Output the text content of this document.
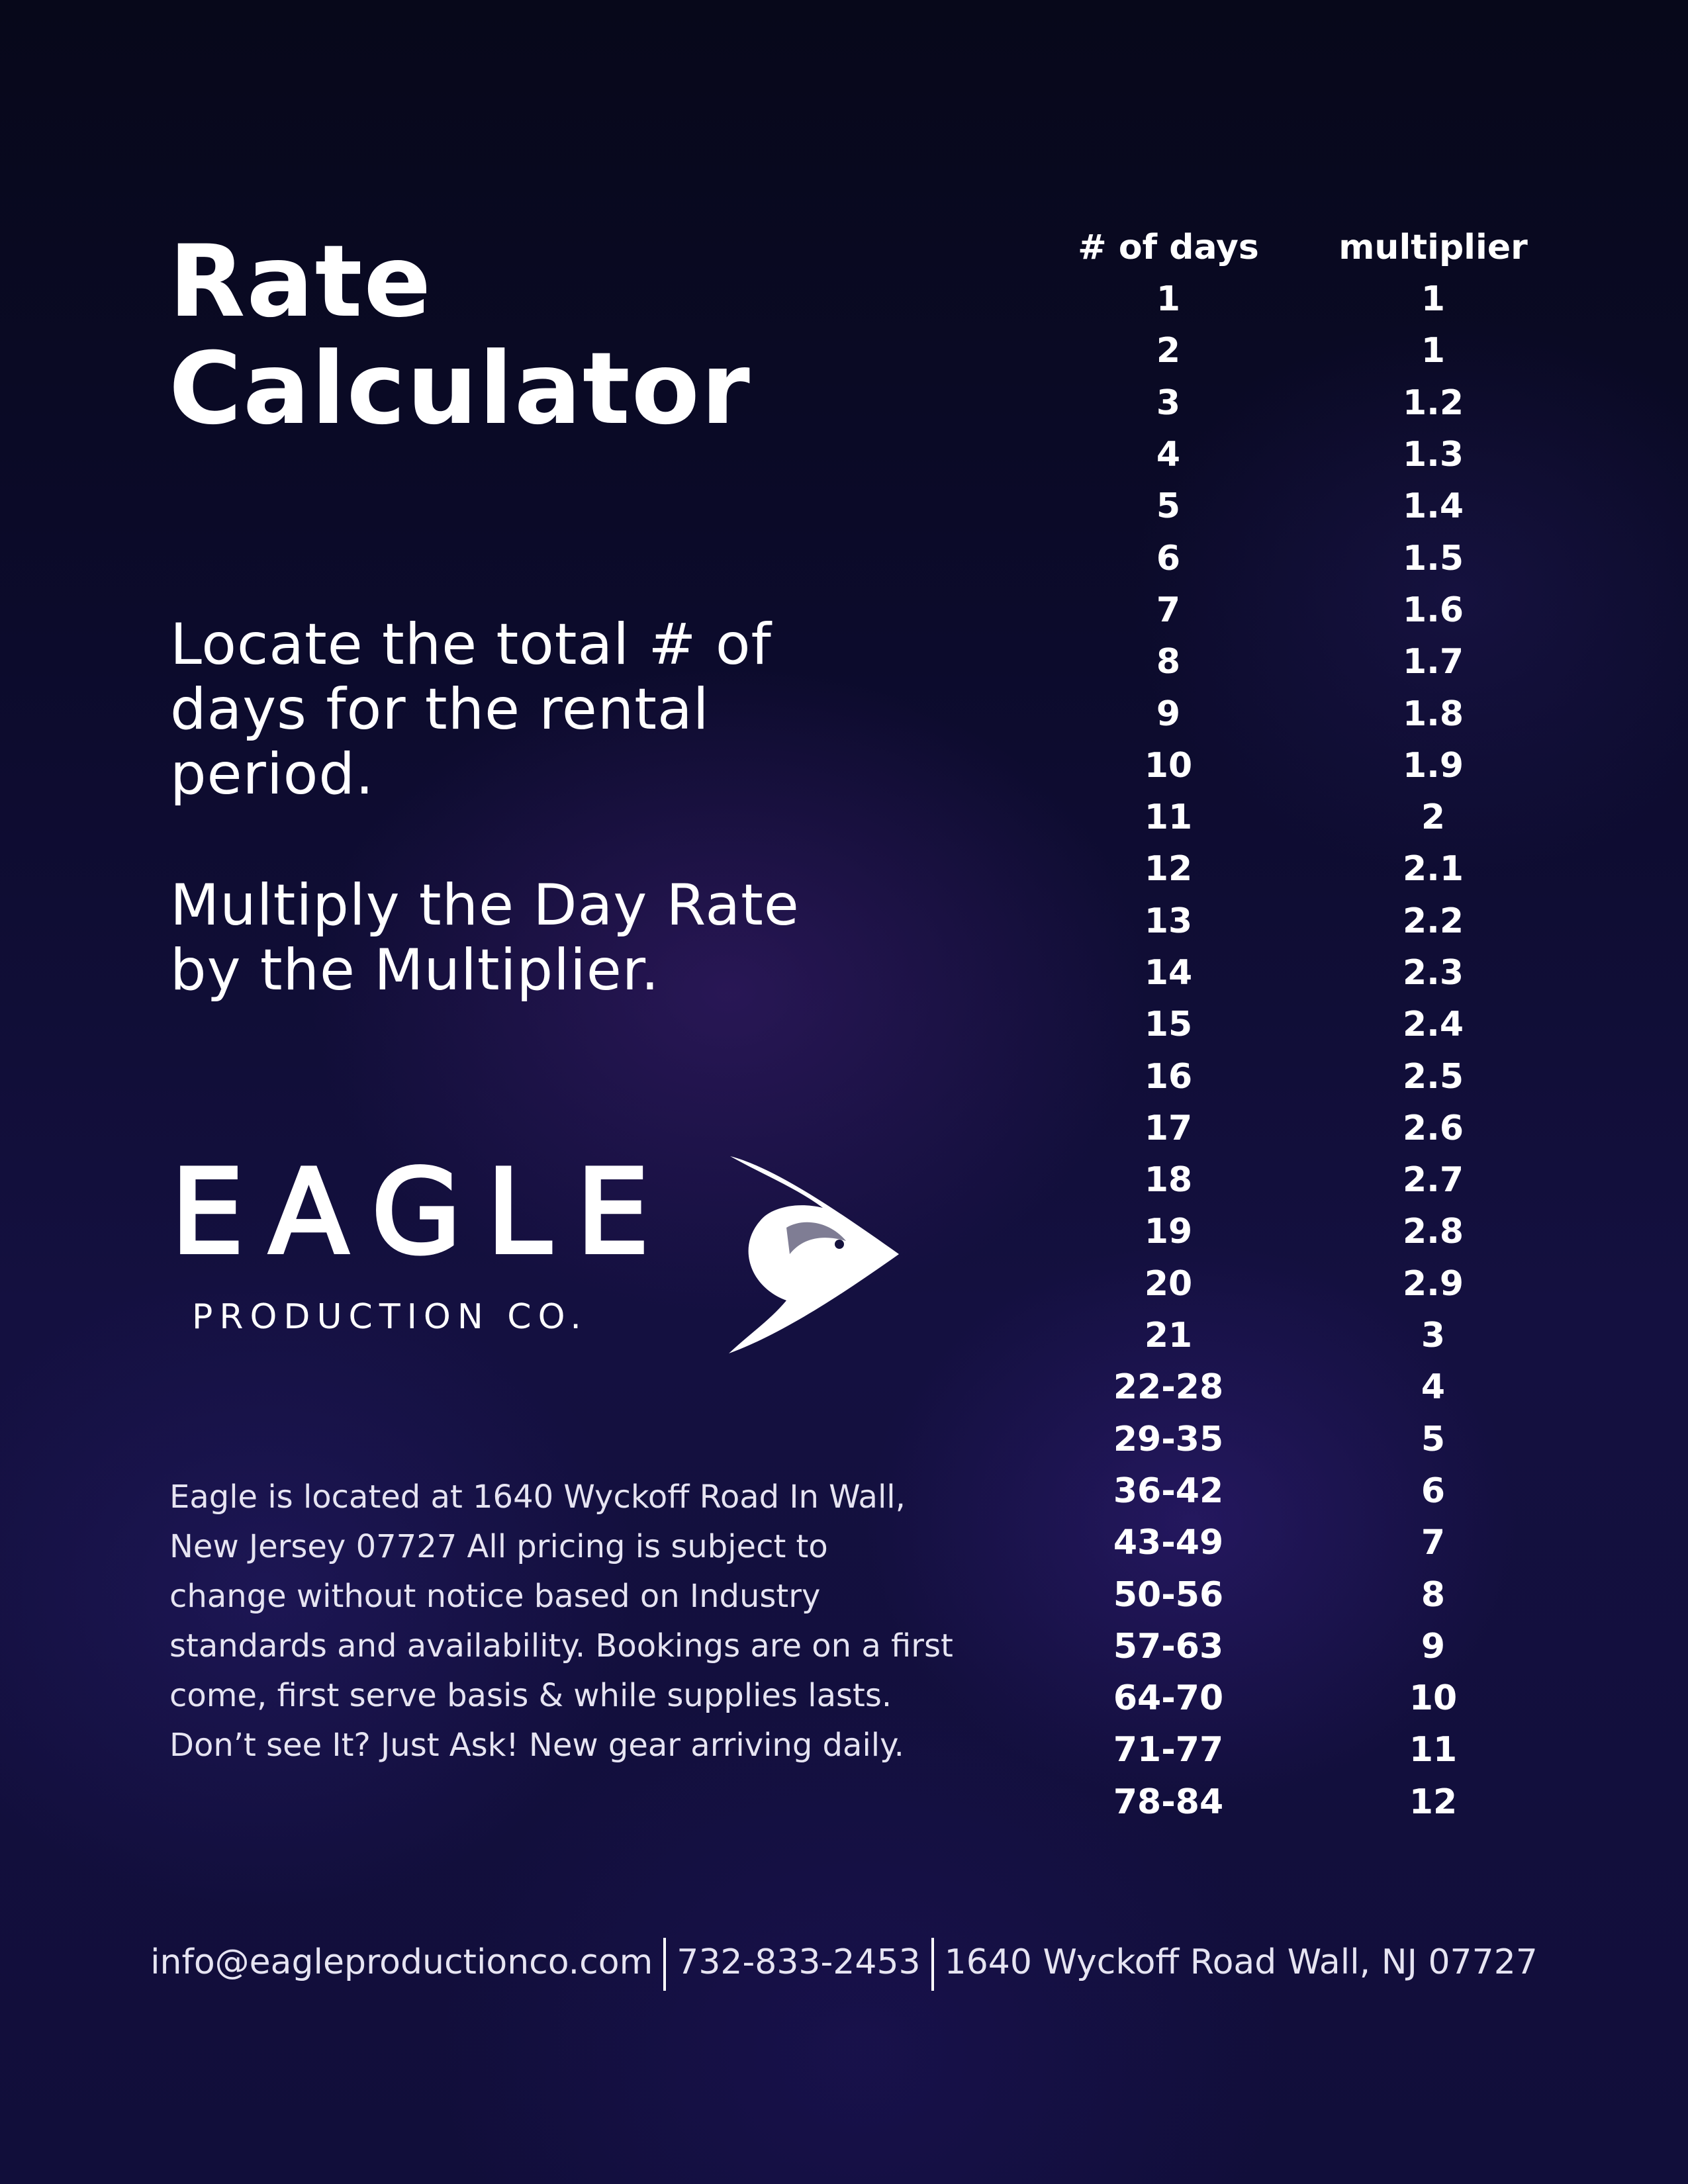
Rate
Calculator

Locate the total # of days for the rental period.

Multiply the Day Rate by the Multiplier.

EAGLE
PRODUCTION CO.
Eagle is located at 1640 Wyckoff Road In Wall,
New Jersey 07727 All pricing is subject to
change without notice based on Industry
standards and availability. Bookings are on a first
come, first serve basis & while supplies lasts.
Don’t see It? Just Ask! New gear arriving daily.
# of days	multiplier
1	1
2	1
3	1.2
4	1.3
5	1.4
6	1.5
7	1.6
8	1.7
9	1.8
10	1.9
11	2
12	2.1
13	2.2
14	2.3
15	2.4
16	2.5
17	2.6
18	2.7
19	2.8
20	2.9
21	3
22-28	4
29-35	5
36-42	6
43-49	7
50-56	8
57-63	9
64-70	10
71-77	11
78-84	12
info@eagleproductionco.com 732-833-2453 1640 Wyckoff Road Wall, NJ 07727
